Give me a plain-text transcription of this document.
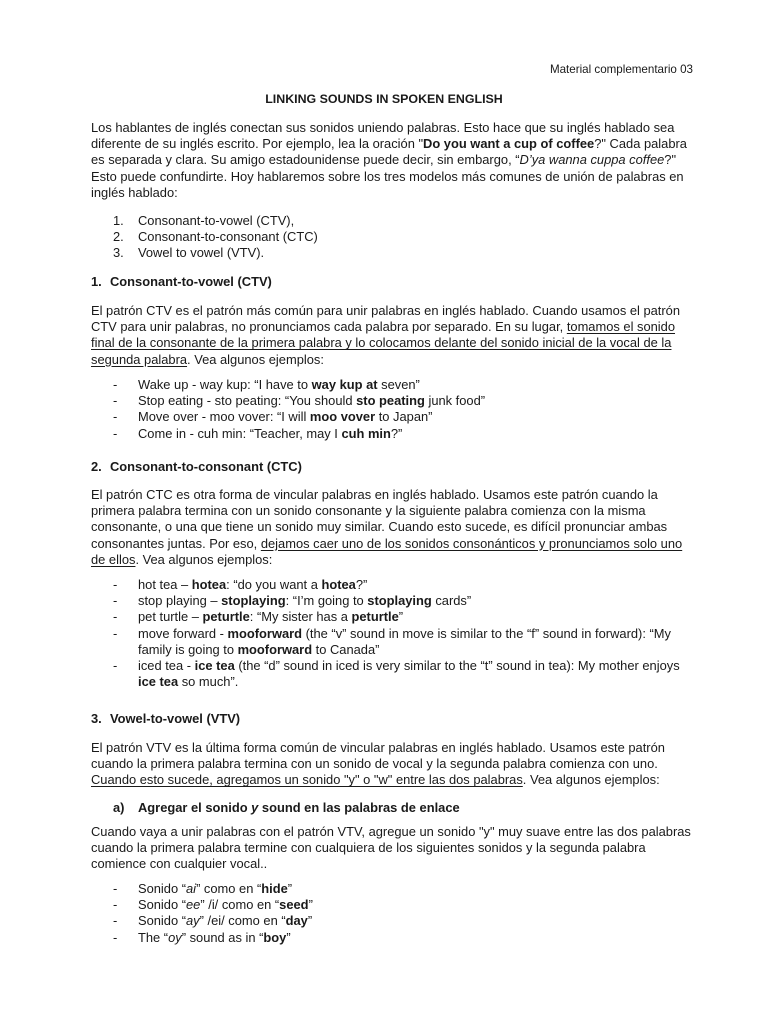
Material complementario 03
LINKING SOUNDS IN SPOKEN ENGLISH

Los hablantes de inglés conectan sus sonidos uniendo palabras. Esto hace que su inglés hablado sea diferente de su inglés escrito. Por ejemplo, lea la oración "Do you want a cup of coffee?" Cada palabra es separada y clara. Su amigo estadounidense puede decir, sin embargo, “D’ya wanna cuppa coffee?" Esto puede confundirte. Hoy hablaremos sobre los tres modelos más comunes de unión de palabras en inglés hablado:

1. Consonant-to-vowel (CTV),
2. Consonant-to-consonant (CTC)
3. Vowel to vowel (VTV).
1. Consonant-to-vowel (CTV)

El patrón CTV es el patrón más común para unir palabras en inglés hablado. Cuando usamos el patrón CTV para unir palabras, no pronunciamos cada palabra por separado. En su lugar, tomamos el sonido final de la consonante de la primera palabra y lo colocamos delante del sonido inicial de la vocal de la segunda palabra. Vea algunos ejemplos:

- Wake up - way kup: “I have to way kup at seven”
- Stop eating - sto peating: “You should sto peating junk food”
- Move over - moo vover: “I will moo vover to Japan”
- Come in - cuh min: “Teacher, may I cuh min?”
2. Consonant-to-consonant (CTC)

El patrón CTC es otra forma de vincular palabras en inglés hablado. Usamos este patrón cuando la primera palabra termina con un sonido consonante y la siguiente palabra comienza con la misma consonante, o una que tiene un sonido muy similar. Cuando esto sucede, es difícil pronunciar ambas consonantes juntas. Por eso, dejamos caer uno de los sonidos consonánticos y pronunciamos solo uno de ellos. Vea algunos ejemplos:

- hot tea – hotea: “do you want a hotea?”
- stop playing – stoplaying: “I’m going to stoplaying cards”
- pet turtle – peturtle: “My sister has a peturtle”
- move forward - mooforward (the “v” sound in move is similar to the “f” sound in forward): “My family is going to mooforward to Canada”
- iced tea - ice tea (the “d” sound in iced is very similar to the “t” sound in tea): My mother enjoys ice tea so much”.
3. Vowel-to-vowel (VTV)

El patrón VTV es la última forma común de vincular palabras en inglés hablado. Usamos este patrón cuando la primera palabra termina con un sonido de vocal y la segunda palabra comienza con uno. Cuando esto sucede, agregamos un sonido "y" o "w" entre las dos palabras. Vea algunos ejemplos:

a) Agregar el sonido y sound en las palabras de enlace

Cuando vaya a unir palabras con el patrón VTV, agregue un sonido "y" muy suave entre las dos palabras cuando la primera palabra termine con cualquiera de los siguientes sonidos y la segunda palabra comience con cualquier vocal..

- Sonido “ai” como en “hide”
- Sonido “ee” /i/ como en “seed”
- Sonido “ay” /ei/ como en “day”
- The “oy” sound as in “boy”
